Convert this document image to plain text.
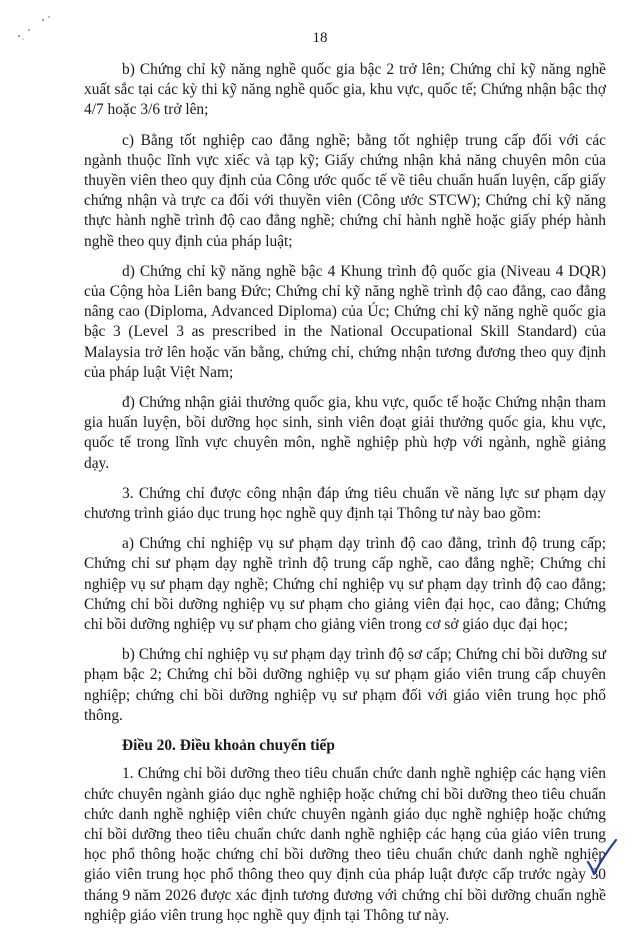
18

b) Chứng chỉ kỹ năng nghề quốc gia bậc 2 trở lên; Chứng chỉ kỹ năng nghề xuất sắc tại các kỳ thi kỹ năng nghề quốc gia, khu vực, quốc tế; Chứng nhận bậc thợ 4/7 hoặc 3/6 trở lên;

c) Bằng tốt nghiệp cao đẳng nghề; bằng tốt nghiệp trung cấp đối với các ngành thuộc lĩnh vực xiếc và tạp kỹ; Giấy chứng nhận khả năng chuyên môn của thuyền viên theo quy định của Công ước quốc tế về tiêu chuẩn huấn luyện, cấp giấy chứng nhận và trực ca đối với thuyền viên (Công ước STCW); Chứng chỉ kỹ năng thực hành nghề trình độ cao đẳng nghề; chứng chỉ hành nghề hoặc giấy phép hành nghề theo quy định của pháp luật;

d) Chứng chỉ kỹ năng nghề bậc 4 Khung trình độ quốc gia (Niveau 4 DQR) của Cộng hòa Liên bang Đức; Chứng chỉ kỹ năng nghề trình độ cao đẳng, cao đẳng nâng cao (Diploma, Advanced Diploma) của Úc; Chứng chỉ kỹ năng nghề quốc gia bậc 3 (Level 3 as prescribed in the National Occupational Skill Standard) của Malaysia trở lên hoặc văn bằng, chứng chỉ, chứng nhận tương đương theo quy định của pháp luật Việt Nam;

đ) Chứng nhận giải thưởng quốc gia, khu vực, quốc tế hoặc Chứng nhận tham gia huấn luyện, bồi dưỡng học sinh, sinh viên đoạt giải thưởng quốc gia, khu vực, quốc tế trong lĩnh vực chuyên môn, nghề nghiệp phù hợp với ngành, nghề giảng dạy.

3. Chứng chỉ được công nhận đáp ứng tiêu chuẩn về năng lực sư phạm dạy chương trình giáo dục trung học nghề quy định tại Thông tư này bao gồm:

a) Chứng chỉ nghiệp vụ sư phạm dạy trình độ cao đẳng, trình độ trung cấp; Chứng chỉ sư phạm dạy nghề trình độ trung cấp nghề, cao đẳng nghề; Chứng chỉ nghiệp vụ sư phạm dạy nghề; Chứng chỉ nghiệp vụ sư phạm dạy trình độ cao đẳng; Chứng chỉ bồi dưỡng nghiệp vụ sư phạm cho giảng viên đại học, cao đẳng; Chứng chỉ bồi dưỡng nghiệp vụ sư phạm cho giảng viên trong cơ sở giáo dục đại học;

b) Chứng chỉ nghiệp vụ sư phạm dạy trình độ sơ cấp; Chứng chỉ bồi dưỡng sư phạm bậc 2; Chứng chỉ bồi dưỡng nghiệp vụ sư phạm giáo viên trung cấp chuyên nghiệp; chứng chỉ bồi dưỡng nghiệp vụ sư phạm đối với giáo viên trung học phổ thông.

Điều 20. Điều khoản chuyển tiếp

1. Chứng chỉ bồi dưỡng theo tiêu chuẩn chức danh nghề nghiệp các hạng viên chức chuyên ngành giáo dục nghề nghiệp hoặc chứng chỉ bồi dưỡng theo tiêu chuẩn chức danh nghề nghiệp viên chức chuyên ngành giáo dục nghề nghiệp hoặc chứng chỉ bồi dưỡng theo tiêu chuẩn chức danh nghề nghiệp các hạng của giáo viên trung học phổ thông hoặc chứng chỉ bồi dưỡng theo tiêu chuẩn chức danh nghề nghiệp giáo viên trung học phổ thông theo quy định của pháp luật được cấp trước ngày 30 tháng 9 năm 2026 được xác định tương đương với chứng chỉ bồi dưỡng chuẩn nghề nghiệp giáo viên trung học nghề quy định tại Thông tư này.
